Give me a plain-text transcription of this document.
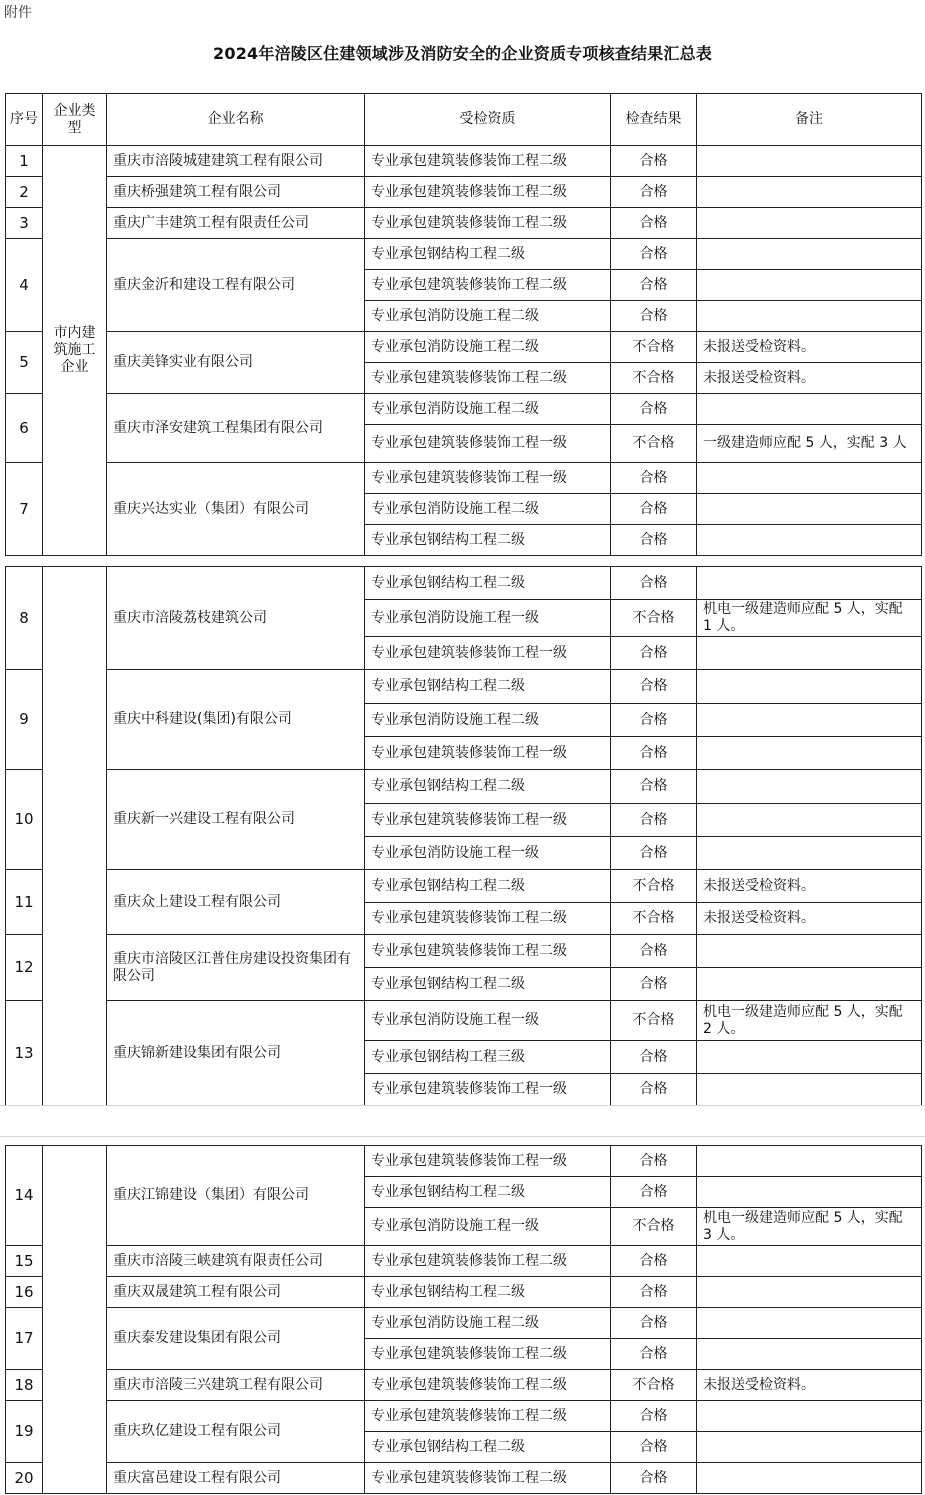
附件
2024年涪陵区住建领域涉及消防安全的企业资质专项核查结果汇总表
序号	企业类型	企业名称	受检资质	检查结果	备注
1	市内建筑施工企业	重庆市涪陵城建建筑工程有限公司	专业承包建筑装修装饰工程二级	合格	
2		重庆桥强建筑工程有限公司	专业承包建筑装修装饰工程二级	合格	
3		重庆广丰建筑工程有限责任公司	专业承包建筑装修装饰工程二级	合格	
4		重庆金沂和建设工程有限公司	专业承包钢结构工程二级	合格	
			专业承包建筑装修装饰工程二级	合格	
			专业承包消防设施工程二级	合格	
5		重庆美锋实业有限公司	专业承包消防设施工程二级	不合格	未报送受检资料。
			专业承包建筑装修装饰工程二级	不合格	未报送受检资料。
6		重庆市泽安建筑工程集团有限公司	专业承包消防设施工程二级	合格	
			专业承包建筑装修装饰工程一级	不合格	一级建造师应配 5 人，实配 3 人
7		重庆兴达实业（集团）有限公司	专业承包建筑装修装饰工程一级	合格	
			专业承包消防设施工程二级	合格	
			专业承包钢结构工程二级	合格	
8		重庆市涪陵荔枝建筑公司	专业承包钢结构工程二级	合格	
			专业承包消防设施工程一级	不合格	机电一级建造师应配 5 人，实配 1 人。
			专业承包建筑装修装饰工程一级	合格	
9		重庆中科建设(集团)有限公司	专业承包钢结构工程二级	合格	
			专业承包消防设施工程二级	合格	
			专业承包建筑装修装饰工程一级	合格	
10		重庆新一兴建设工程有限公司	专业承包钢结构工程二级	合格	
			专业承包建筑装修装饰工程一级	合格	
			专业承包消防设施工程一级	合格	
11		重庆众上建设工程有限公司	专业承包钢结构工程二级	不合格	未报送受检资料。
			专业承包建筑装修装饰工程二级	不合格	未报送受检资料。
12		重庆市涪陵区江普住房建设投资集团有限公司	专业承包建筑装修装饰工程二级	合格	
			专业承包钢结构工程二级	合格	
13		重庆锦新建设集团有限公司	专业承包消防设施工程一级	不合格	机电一级建造师应配 5 人，实配 2 人。
			专业承包钢结构工程三级	合格	
			专业承包建筑装修装饰工程一级	合格	
14		重庆江锦建设（集团）有限公司	专业承包建筑装修装饰工程一级	合格	
			专业承包钢结构工程二级	合格	
			专业承包消防设施工程一级	不合格	机电一级建造师应配 5 人，实配 3 人。
15		重庆市涪陵三峡建筑有限责任公司	专业承包建筑装修装饰工程二级	合格	
16		重庆双晟建筑工程有限公司	专业承包钢结构工程二级	合格	
17		重庆泰发建设集团有限公司	专业承包消防设施工程二级	合格	
			专业承包建筑装修装饰工程二级	合格	
18		重庆市涪陵三兴建筑工程有限公司	专业承包建筑装修装饰工程二级	不合格	未报送受检资料。
19		重庆玖亿建设工程有限公司	专业承包建筑装修装饰工程二级	合格	
			专业承包钢结构工程二级	合格	
20		重庆富邑建设工程有限公司	专业承包建筑装修装饰工程二级	合格	
